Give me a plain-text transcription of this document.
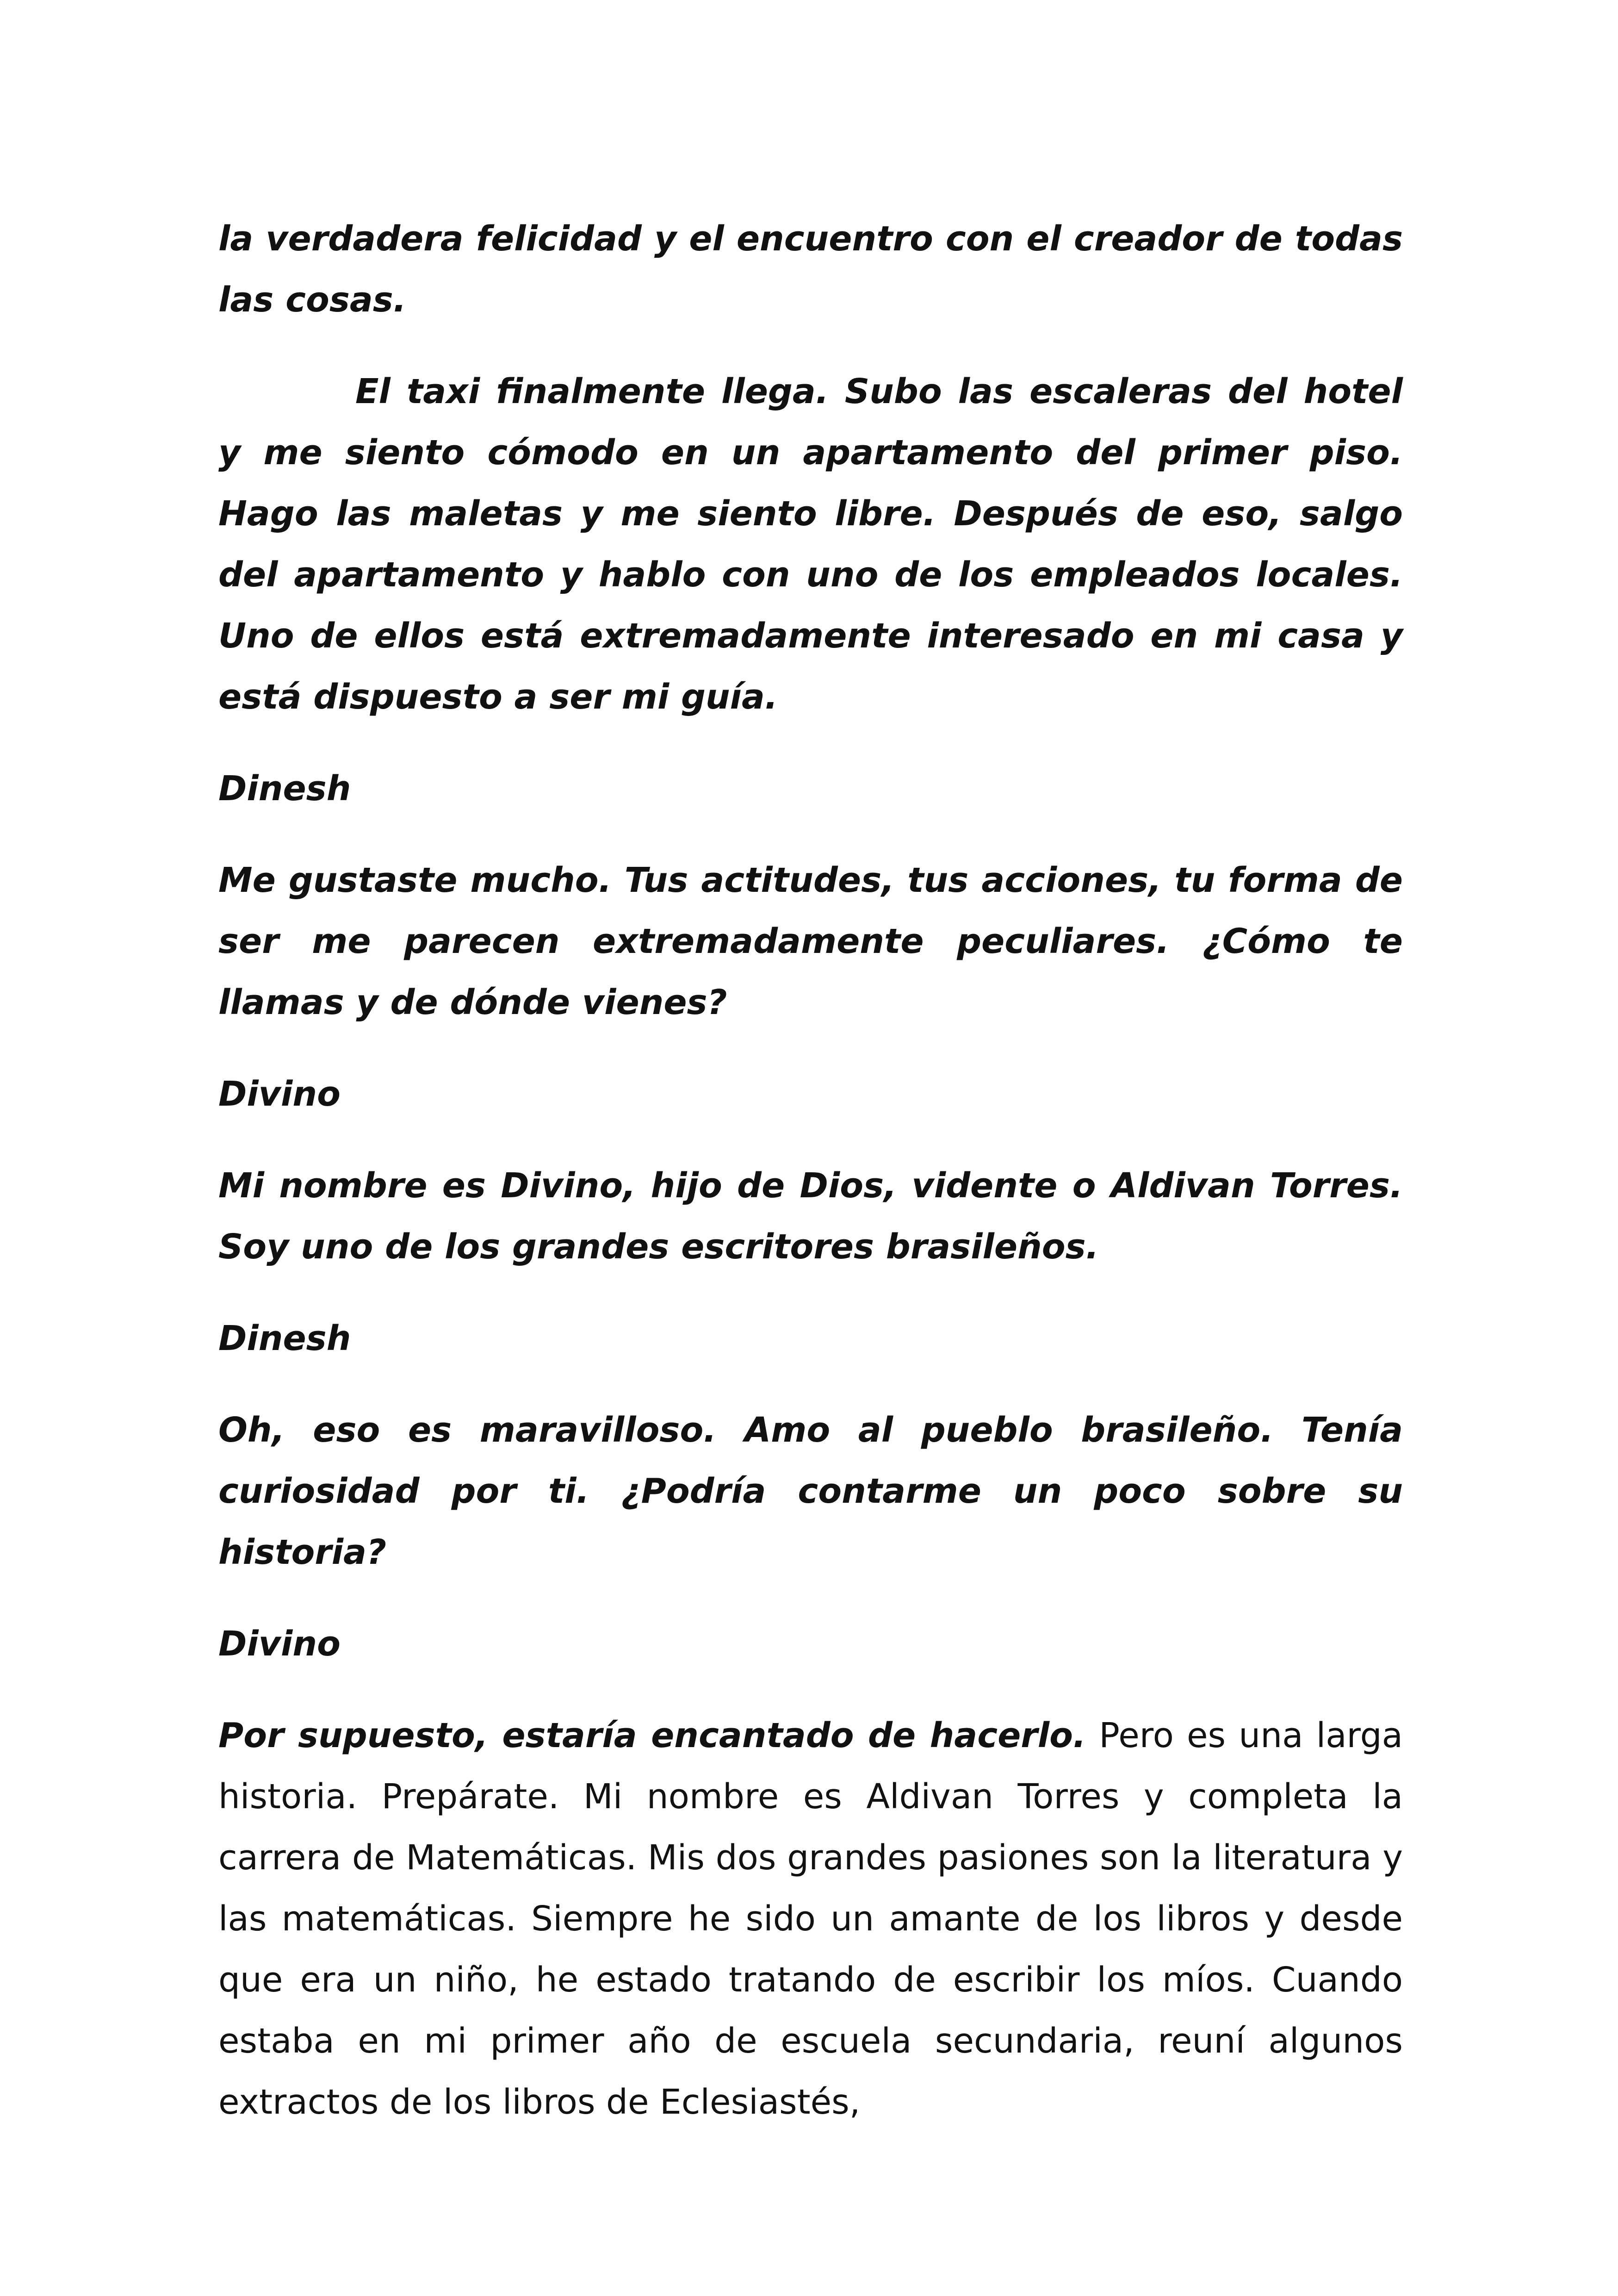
la verdadera felicidad y el encuentro con el creador de todas las cosas.

El taxi finalmente llega. Subo las escaleras del hotel y me siento cómodo en un apartamento del primer piso. Hago las maletas y me siento libre. Después de eso, salgo del apartamento y hablo con uno de los empleados locales. Uno de ellos está extremadamente interesado en mi casa y está dispuesto a ser mi guía.

Dinesh

Me gustaste mucho. Tus actitudes, tus acciones, tu forma de ser me parecen extremadamente peculiares. ¿Cómo te llamas y de dónde vienes?

Divino

Mi nombre es Divino, hijo de Dios, vidente o Aldivan Torres. Soy uno de los grandes escritores brasileños.

Dinesh

Oh, eso es maravilloso. Amo al pueblo brasileño. Tenía curiosidad por ti. ¿Podría contarme un poco sobre su historia?

Divino

Por supuesto, estaría encantado de hacerlo. Pero es una larga historia. Prepárate. Mi nombre es Aldivan Torres y completa la carrera de Matemáticas. Mis dos grandes pasiones son la literatura y las matemáticas. Siempre he sido un amante de los libros y desde que era un niño, he estado tratando de escribir los míos. Cuando estaba en mi primer año de escuela secundaria, reuní algunos extractos de los libros de Eclesiastés,
